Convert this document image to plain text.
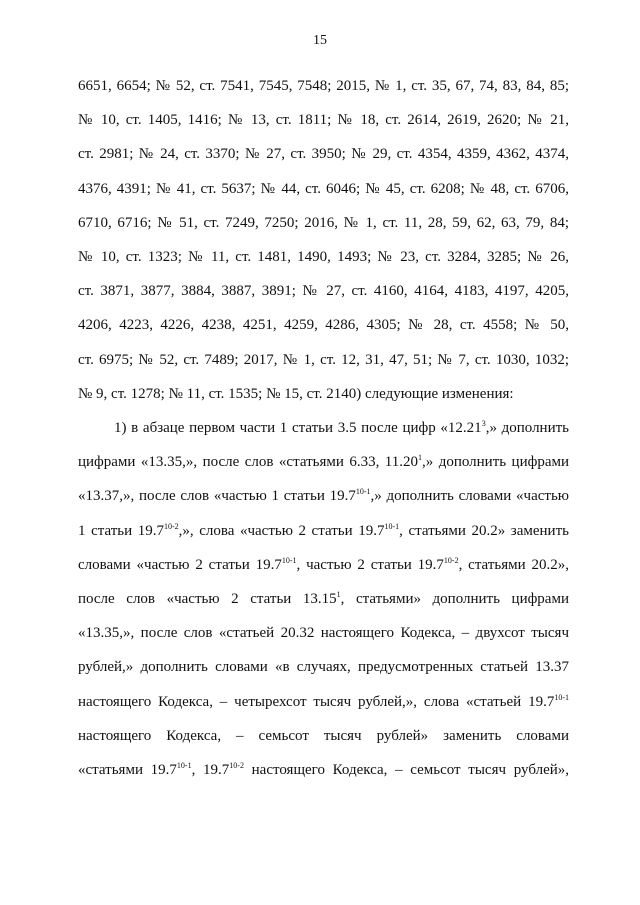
15
6651, 6654; № 52, ст. 7541, 7545, 7548; 2015, № 1, ст. 35, 67, 74, 83, 84, 85;
№ 10, ст. 1405, 1416; № 13, ст. 1811; № 18, ст. 2614, 2619, 2620; № 21,
ст. 2981; № 24, ст. 3370; № 27, ст. 3950; № 29, ст. 4354, 4359, 4362, 4374,
4376, 4391; № 41, ст. 5637; № 44, ст. 6046; № 45, ст. 6208; № 48, ст. 6706,
6710, 6716; № 51, ст. 7249, 7250; 2016, № 1, ст. 11, 28, 59, 62, 63, 79, 84;
№ 10, ст. 1323; № 11, ст. 1481, 1490, 1493; № 23, ст. 3284, 3285; № 26,
ст. 3871, 3877, 3884, 3887, 3891; № 27, ст. 4160, 4164, 4183, 4197, 4205,
4206, 4223, 4226, 4238, 4251, 4259, 4286, 4305; № 28, ст. 4558; № 50,
ст. 6975; № 52, ст. 7489; 2017, № 1, ст. 12, 31, 47, 51; № 7, ст. 1030, 1032;
№ 9, ст. 1278; № 11, ст. 1535; № 15, ст. 2140) следующие изменения:
1) в абзаце первом части 1 статьи 3.5 после цифр «12.21$^3$,» дополнить
цифрами «13.35,», после слов «статьями 6.33, 11.20$^1$,» дополнить цифрами
«13.37,», после слов «частью 1 статьи 19.7$^{10-1}$,» дополнить словами «частью
1 статьи 19.7$^{10-2}$,», слова «частью 2 статьи 19.7$^{10-1}$, статьями 20.2» заменить
словами «частью 2 статьи 19.7$^{10-1}$, частью 2 статьи 19.7$^{10-2}$, статьями 20.2»,
после слов «частью 2 статьи 13.15$^1$, статьями» дополнить цифрами
«13.35,», после слов «статьей 20.32 настоящего Кодекса, – двухсот тысяч
рублей,» дополнить словами «в случаях, предусмотренных статьей 13.37
настоящего Кодекса, – четырехсот тысяч рублей,», слова «статьей 19.7$^{10-1}$
настоящего Кодекса, – семьсот тысяч рублей» заменить словами
«статьями 19.7$^{10-1}$, 19.7$^{10-2}$ настоящего Кодекса, – семьсот тысяч рублей»,
